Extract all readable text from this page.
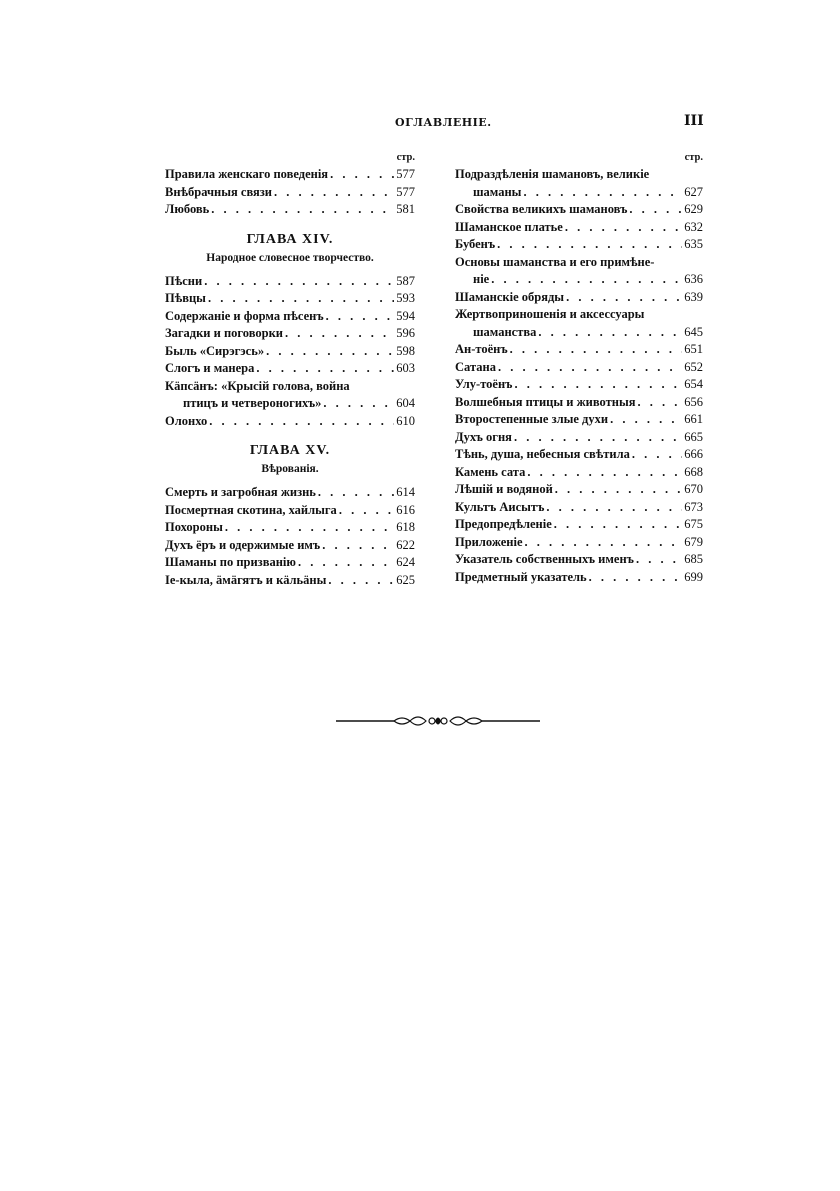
ОГЛАВЛЕНІЕ.	III
стр.
Правила женскаго поведенія . . .	577
Внѣбрачныя связи . . .	577
Любовь . . .	581
ГЛАВА XIV.
Народное словесное творчество.
Пѣсни . . .	587
Пѣвцы . . .	593
Содержаніе и форма пѣсенъ . . .	594
Загадки и поговорки . . .	596
Быль «Сирэгэсь» . . .	598
Слогъ и манера . . .	603
Кäпсäнъ: «Крысій голова, война
птицъ и четвероногихъ» . . .	604
Олонхо . . .	610
ГЛАВА XV.
Вѣрованія.
Смерть и загробная жизнь . . .	614
Посмертная скотина, хайлыга . . .	616
Похороны . . .	618
Духъ ёръ и одержимые имъ . . .	622
Шаманы по призванію . . .	624
Іе-кыла, äмäгятъ и кäльäны . . .	625
стр.
Подраздѣленія шамановъ, великіе
шаманы . . .	627
Свойства великихъ шамановъ . . .	629
Шаманское платье . . .	632
Бубенъ . . .	635
Основы шаманства и его примѣне-
ніе . . .	636
Шаманскіе обряды . . .	639
Жертвоприношенія и аксессуары
шаманства . . .	645
Ан-тоёнъ . . .	651
Сатана . . .	652
Улу-тоёнъ . . .	654
Волшебныя птицы и животныя . . .	656
Второстепенные злые духи . . .	661
Духъ огня . . .	665
Тѣнь, душа, небесныя свѣтила . . .	666
Камень сата . . .	668
Лѣшій и водяной . . .	670
Культъ Аисытъ . . .	673
Предопредѣленіе . . .	675
Приложеніе . . .	679
Указатель собственныхъ именъ . . .	685
Предметный указатель . . .	699
